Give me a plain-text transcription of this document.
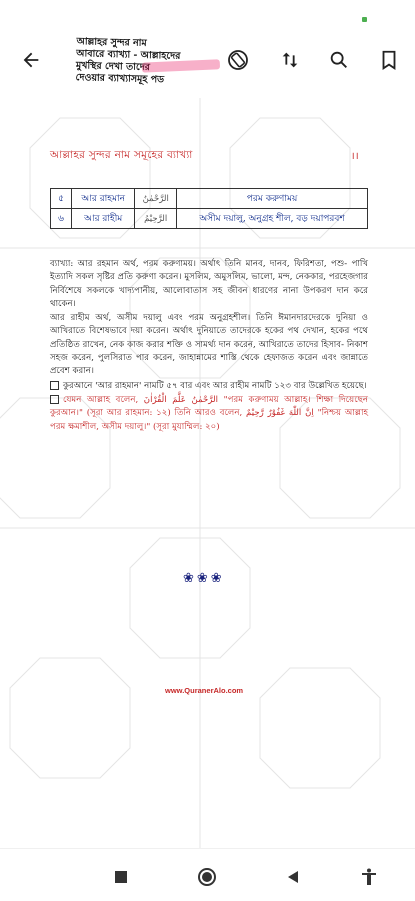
আল্লাহর সুন্দর নাম
আবারে ব্যাখ্যা - আল্লাহদের
মুখস্থির দেখা তাদের
দেওয়ার ব্যাখ্যাসমূহ পড
আল্লাহর সুন্দর নাম সমূহের ব্যাখ্যা	।।
৫	আর রাহমান	الرَّحْمٰنُ	পরম করুণাময়
৬	আর রাহীম	الرَّحِيْمُ	অসীম দয়ালু, অনুগ্রহ শীল, বড় দয়াপরবশ

ব্যাখ্যা: আর রহমান অর্থ, পরম করুণাময়। অর্থাৎ তিনি মানব, দানব, ফিরিশতা, পশু- পাখি ইত্যাদি সকল সৃষ্টির প্রতি করুণা করেন। মুসলিম, অমুসলিম, ভালো, মন্দ, নেককার, পরহেজগার নির্বিশেষে সকলকে খাদ্যপানীয়, আলোবাতাস সহ জীবন ধারণের নানা উপকরণ দান করে থাকেন।

আর রাহীম অর্থ, অসীম দয়ালু এবং পরম অনুগ্রহশীল। তিনি ঈমানদারদেরকে দুনিয়া ও আখিরাতে বিশেষভাবে দয়া করেন। অর্থাৎ দুনিয়াতে তাদেরকে হকের পথ দেখান, হকের পথে প্রতিষ্ঠিত রাখেন, নেক কাজ করার শক্তি ও সামর্থ্য দান করেন, আখিরাতে তাদের হিসাব- নিকাশ সহজ করেন, পুলসিরাত পার করেন, জাহান্নামের শাস্তি থেকে হেফাজত করেন এবং জান্নাতে প্রবেশ করান।

কুরআনে 'আর রাহমান' নামটি ৫৭ বার এবং আর রাহীম নামটি ১২৩ বার উল্লেখিত হয়েছে।

যেমন আল্লাহ বলেন, الرَّحْمٰنُ عَلَّمَ الْقُرْاٰنَ "পরম করুণাময় আল্লাহ। শিক্ষা দিয়েছেন কুরআন।" (সূরা আর রাহমান: ১২) তিনি আরও বলেন, اِنَّ اللّٰهَ غَفُوْرٌ رَّحِيْمٌ "নিশ্চয় আল্লাহ পরম ক্ষমাশীল, অসীম দয়ালু।" (সূরা মুযাম্মিল: ২০)

❀❀❀
www.QuranerAlo.com
